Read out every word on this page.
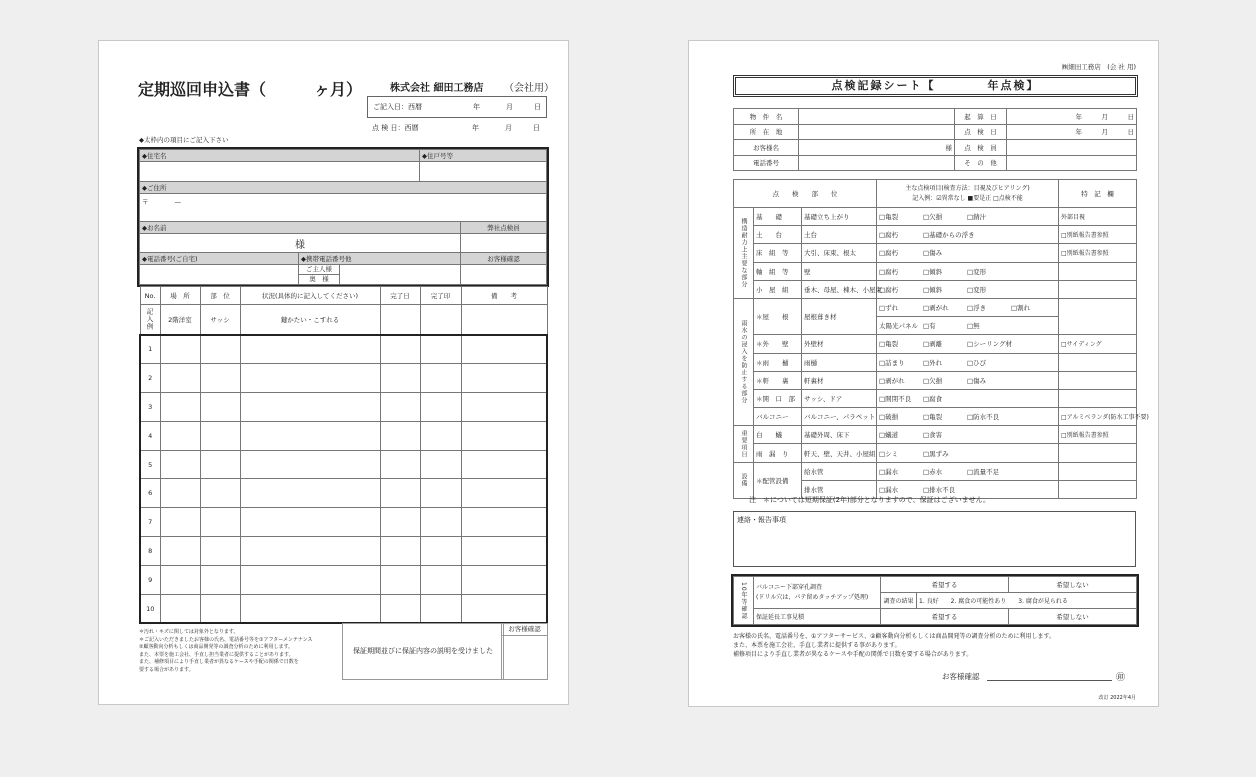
定期巡回申込書（　　　ヶ月）	株式会社 細田工務店 （会社用）
ご記入日：西暦	年	月	日
点 検 日：西暦	年	月	日
◆太枠内の項目にご記入下さい
◆住宅名			◆住戸号等	

◆ご住所				
〒　　　　—				
◆お名前				弊社点検員
様				
◆電話番号(ご自宅)	◆携帯電話番号他			お客様確認

	ご主人様
奥　様			

No.	場　所	部　位	状況(具体的に記入してください)	完了日	完了印	備　　考
記入例	2階洋室	サッシ	鍵かたい・こすれる			
1						
2						
3						
4						
5						
6						
7						
8						
9						
10						
＊汚れ・キズに関しては対象外となります。
＊ご記入いただきましたお客様の氏名、電話番号等を①アフターメンテナンス
②顧客動向分析もしくは商品開発等の調査分析のために利用します。
また、本票を施工会社、手直し担当業者に提供することがあります。
また、補修項目により手直し業者が異なるケースや手配の関係で日数を
要する場合があります。
保証期間並びに保証内容の説明を受けました
お客様確認
㈱細田工務店　(会 社 用)
点検記録シート【　　　　年点検】
物　件　名		起　算　日	年　　　月　　　日
所　在　地		点　検　日	年　　　月　　　日
お客様名	様	点　検　員	
電話番号		そ　の　他	
点　　検　　部　　位			主な点検項目(検査方法：目視及びヒアリング)
記入例：☑異常なし ■要是正 □点検不能	特　記　欄
構造耐力上主要な部分	基　　礎	基礎立ち上がり	□亀裂 □欠損 □錆汁	外部目視
	土　　台	土台	□腐朽 □基礎からの浮き	□別紙報告書参照
	床　組　等	大引、床束、根太	□腐朽 □傷み	□別紙報告書参照
	軸　組　等	壁	□腐朽 □傾斜 □変形	
	小　屋　組	垂木、母屋、棟木、小屋束	□腐朽 □傾斜 □変形	
雨水の浸入を防止する部分	＊屋　　根	屋根葺き材	□ずれ □剥がれ □浮き □割れ	
			太陽光パネル □有 □無	
	＊外　　壁	外壁材	□亀裂 □剥離 □シーリング材	□サイディング
	＊雨　　樋	雨樋	□詰まり □外れ □ひび	
	＊軒　　裏	軒裏材	□剥がれ □欠損 □傷み	
	＊開　口　部	サッシ、ドア	□開閉不良 □腐食	
	バルコニー	バルコニー、パラペット	□破損 □亀裂 □防水不良	□アルミベランダ(防水工事不要)
重要項目	白　　蟻	基礎外周、床下	□蟻道 □食害	□別紙報告書参照
	雨　漏　り	軒天、壁、天井、小屋組	□シミ □黒ずみ	
設備	＊配管設備	給水管	□漏水 □赤水 □流量不足	
		排水管	□漏水 □排水不良	
注　＊については短期保証(2年)部分となりますので、保証はございません。
連絡・報告事項
10年等確認	バルコニー下部穿孔調査
(ドリル穴は、パテ留めタッチアップ処理)	希望する		希望しない
		調査の結果	1. 良好　　2. 腐食の可能性あり　　3. 腐食が見られる	
	保証延長工事見積	希望する		希望しない
お客様の氏名、電話番号を、①アフターサービス、②顧客動向分析もしくは商品開発等の調査分析のために利用します。
また、本票を施工会社、手直し業者に提供する事があります。
補修項目により手直し業者が異なるケースや手配の関係で日数を要する場合があります。
お客様確認	㊞
改訂 2022年4月
